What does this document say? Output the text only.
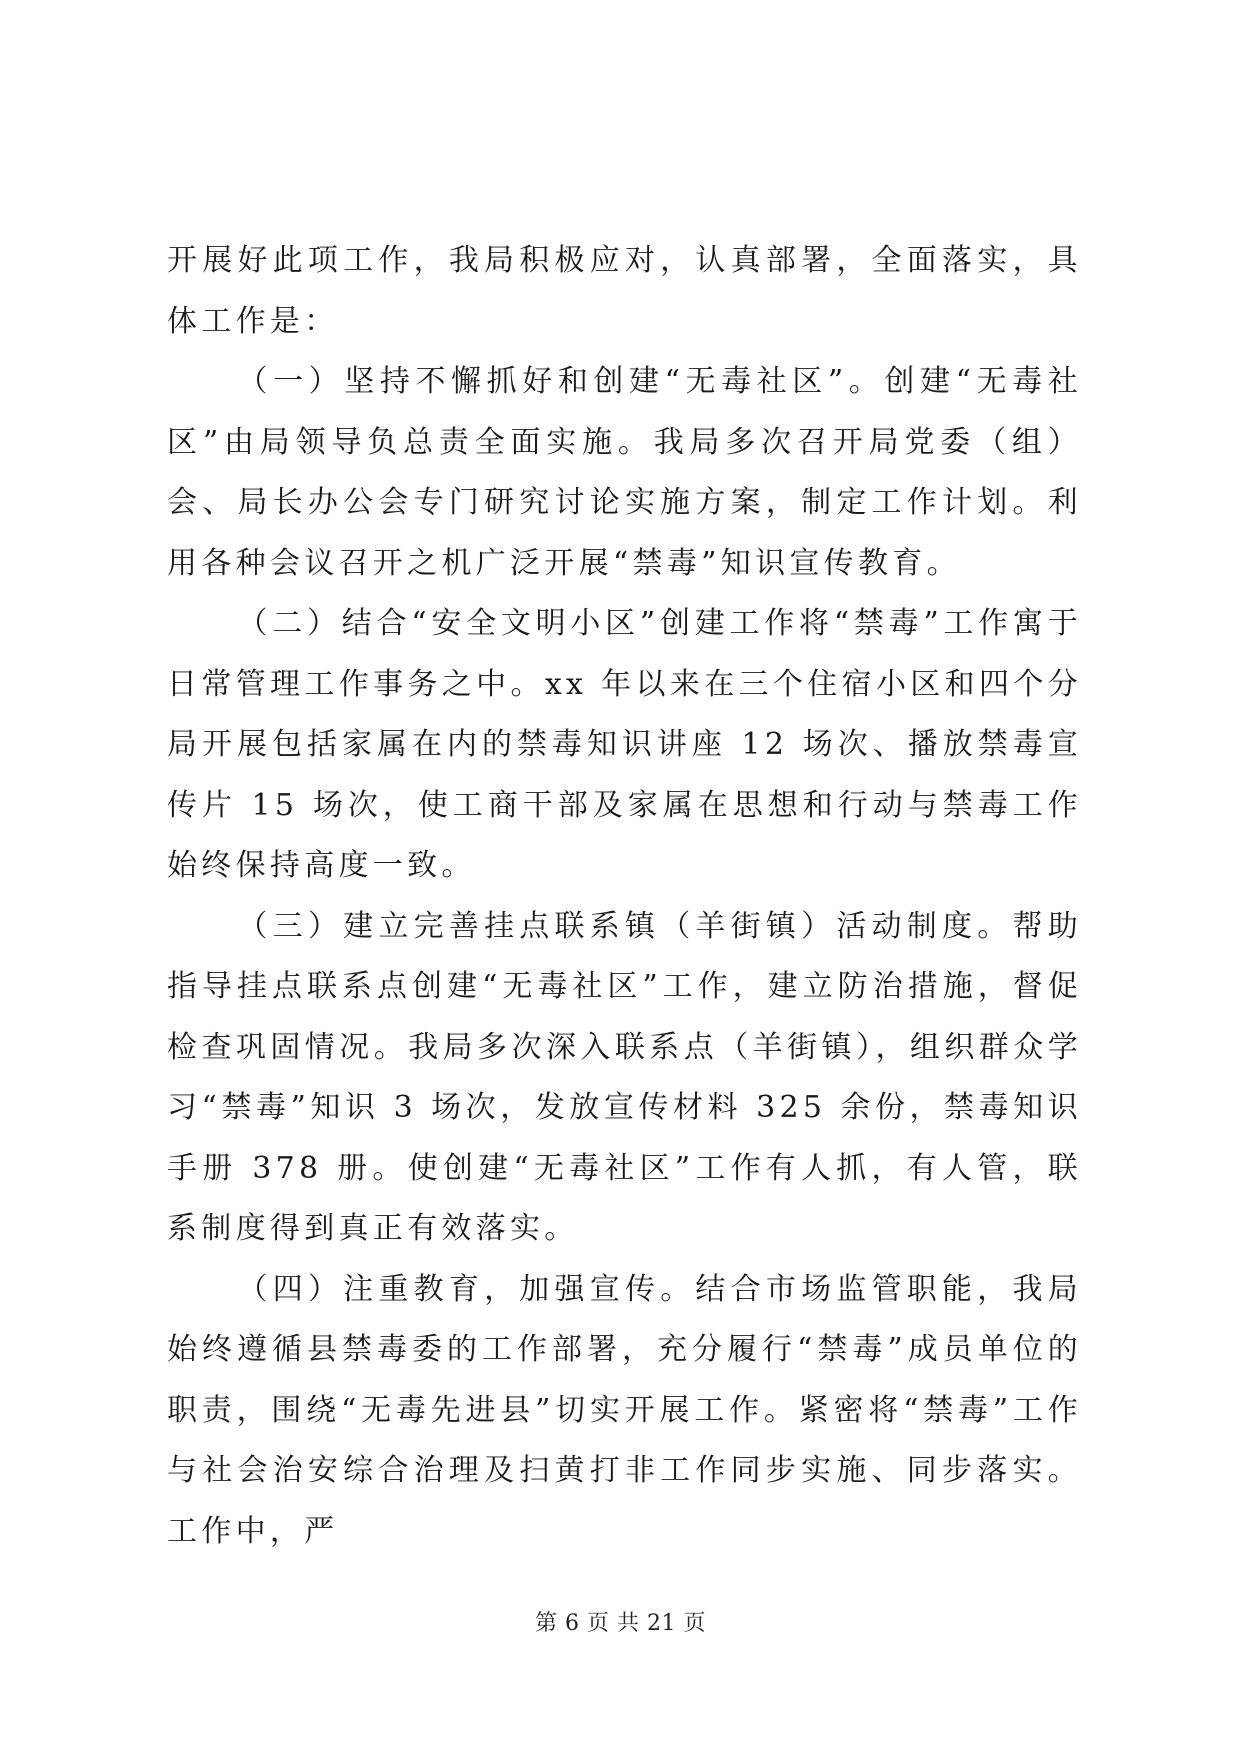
开展好此项工作，我局积极应对，认真部署，全面落实，具体工作是：

（一）坚持不懈抓好和创建“无毒社区”。创建“无毒社区”由局领导负总责全面实施。我局多次召开局党委（组）会、局长办公会专门研究讨论实施方案，制定工作计划。利用各种会议召开之机广泛开展“禁毒”知识宣传教育。

（二）结合“安全文明小区”创建工作将“禁毒”工作寓于日常管理工作事务之中。xx 年以来在三个住宿小区和四个分局开展包括家属在内的禁毒知识讲座 12 场次、播放禁毒宣传片 15 场次，使工商干部及家属在思想和行动与禁毒工作始终保持高度一致。

（三）建立完善挂点联系镇（羊街镇）活动制度。帮助指导挂点联系点创建“无毒社区”工作，建立防治措施，督促检查巩固情况。我局多次深入联系点（羊街镇），组织群众学习“禁毒”知识 3 场次，发放宣传材料 325 余份，禁毒知识手册 378 册。使创建“无毒社区”工作有人抓，有人管，联系制度得到真正有效落实。

（四）注重教育，加强宣传。结合市场监管职能，我局始终遵循县禁毒委的工作部署，充分履行“禁毒”成员单位的职责，围绕“无毒先进县”切实开展工作。紧密将“禁毒”工作与社会治安综合治理及扫黄打非工作同步实施、同步落实。工作中，严

第 6 页 共 21 页
